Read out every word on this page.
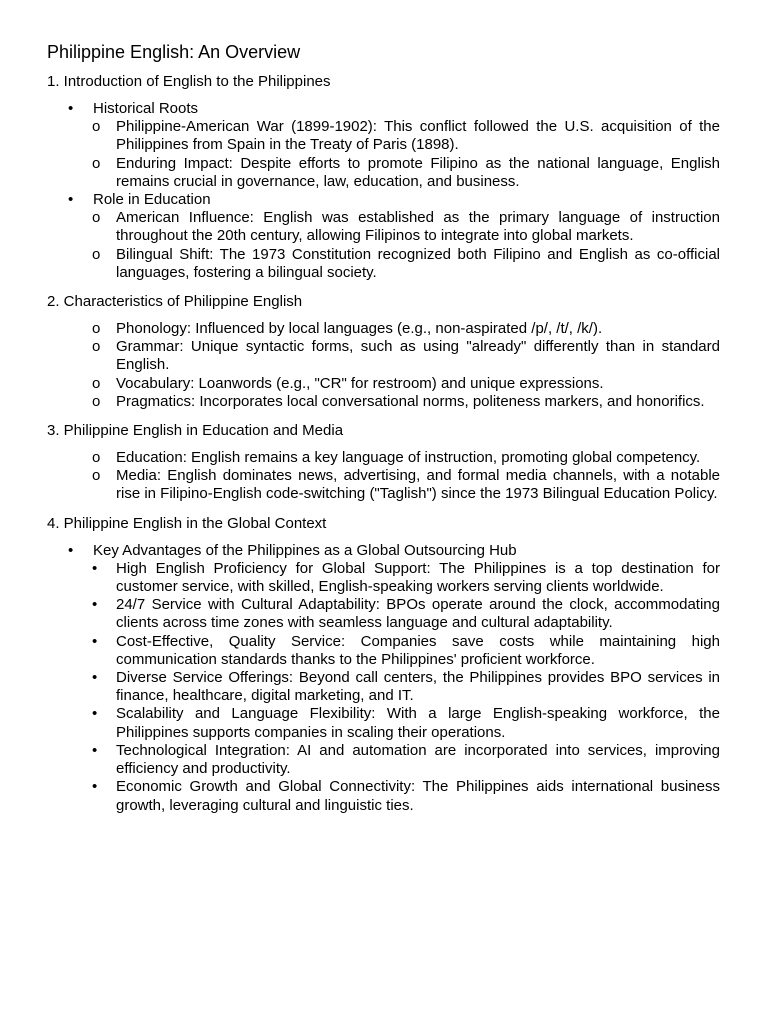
Philippine English: An Overview
1. Introduction of English to the Philippines
• Historical Roots
o Philippine-American War (1899-1902): This conflict followed the U.S. acquisition of the Philippines from Spain in the Treaty of Paris (1898).
o Enduring Impact: Despite efforts to promote Filipino as the national language, English remains crucial in governance, law, education, and business.
• Role in Education
o American Influence: English was established as the primary language of instruction throughout the 20th century, allowing Filipinos to integrate into global markets.
o Bilingual Shift: The 1973 Constitution recognized both Filipino and English as co-official languages, fostering a bilingual society.
2. Characteristics of Philippine English
o Phonology: Influenced by local languages (e.g., non-aspirated /p/, /t/, /k/).
o Grammar: Unique syntactic forms, such as using "already" differently than in standard English.
o Vocabulary: Loanwords (e.g., "CR" for restroom) and unique expressions.
o Pragmatics: Incorporates local conversational norms, politeness markers, and honorifics.
3. Philippine English in Education and Media
o Education: English remains a key language of instruction, promoting global competency.
o Media: English dominates news, advertising, and formal media channels, with a notable rise in Filipino-English code-switching ("Taglish") since the 1973 Bilingual Education Policy.
4. Philippine English in the Global Context
• Key Advantages of the Philippines as a Global Outsourcing Hub
• High English Proficiency for Global Support: The Philippines is a top destination for customer service, with skilled, English-speaking workers serving clients worldwide.
• 24/7 Service with Cultural Adaptability: BPOs operate around the clock, accommodating clients across time zones with seamless language and cultural adaptability.
• Cost-Effective, Quality Service: Companies save costs while maintaining high communication standards thanks to the Philippines' proficient workforce.
• Diverse Service Offerings: Beyond call centers, the Philippines provides BPO services in finance, healthcare, digital marketing, and IT.
• Scalability and Language Flexibility: With a large English-speaking workforce, the Philippines supports companies in scaling their operations.
• Technological Integration: AI and automation are incorporated into services, improving efficiency and productivity.
• Economic Growth and Global Connectivity: The Philippines aids international business growth, leveraging cultural and linguistic ties.
